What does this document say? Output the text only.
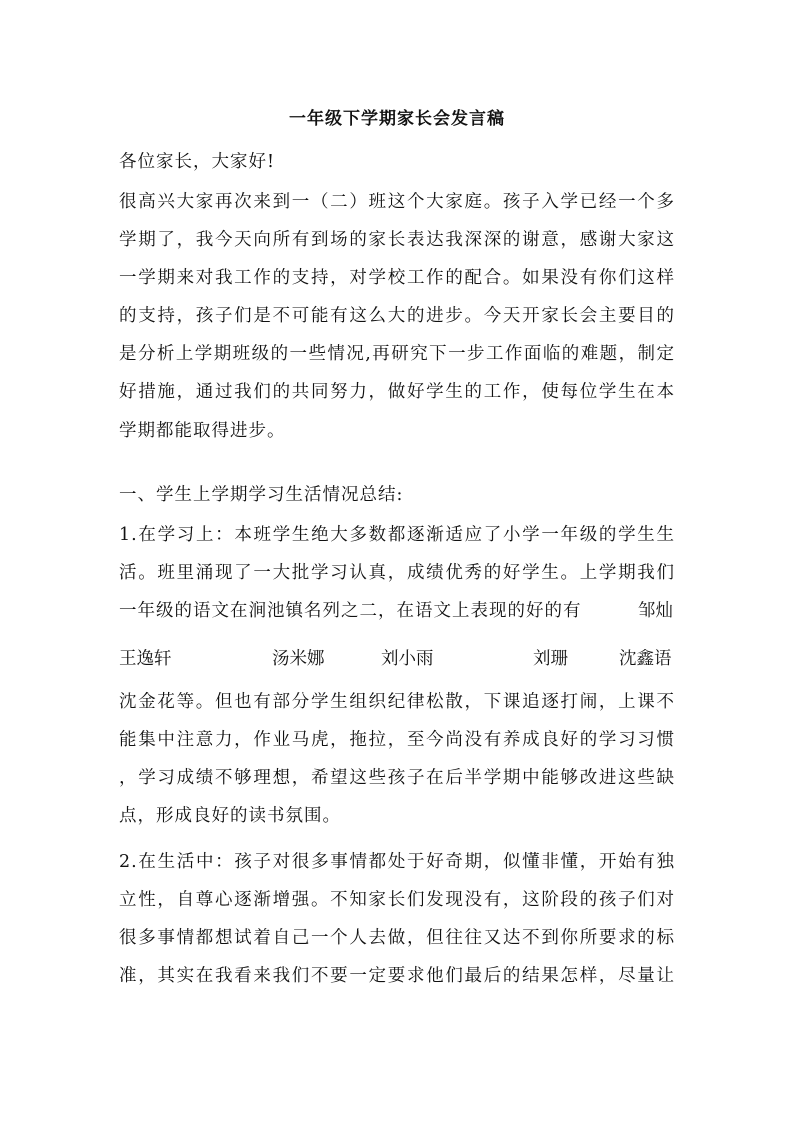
一年级下学期家长会发言稿
各位家长，大家好!
很高兴大家再次来到一（二）班这个大家庭。孩子入学已经一个多
学期了，我今天向所有到场的家长表达我深深的谢意，感谢大家这
一学期来对我工作的支持，对学校工作的配合。如果没有你们这样
的支持，孩子们是不可能有这么大的进步。今天开家长会主要目的
是分析上学期班级的一些情况,再研究下一步工作面临的难题，制定
好措施，通过我们的共同努力，做好学生的工作，使每位学生在本
学期都能取得进步。
一、学生上学期学习生活情况总结:
1.在学习上：本班学生绝大多数都逐渐适应了小学一年级的学生生
活。班里涌现了一大批学习认真，成绩优秀的好学生。上学期我们
一年级的语文在涧池镇名列之二，在语文上表现的好的有	邹灿
王逸轩	汤米娜	刘小雨	刘珊	沈鑫语
沈金花等。但也有部分学生组织纪律松散，下课追逐打闹，上课不
能集中注意力，作业马虎，拖拉，至今尚没有养成良好的学习习惯
，学习成绩不够理想，希望这些孩子在后半学期中能够改进这些缺
点，形成良好的读书氛围。
2.在生活中：孩子对很多事情都处于好奇期，似懂非懂，开始有独
立性，自尊心逐渐增强。不知家长们发现没有，这阶段的孩子们对
很多事情都想试着自己一个人去做，但往往又达不到你所要求的标
准，其实在我看来我们不要一定要求他们最后的结果怎样，尽量让
